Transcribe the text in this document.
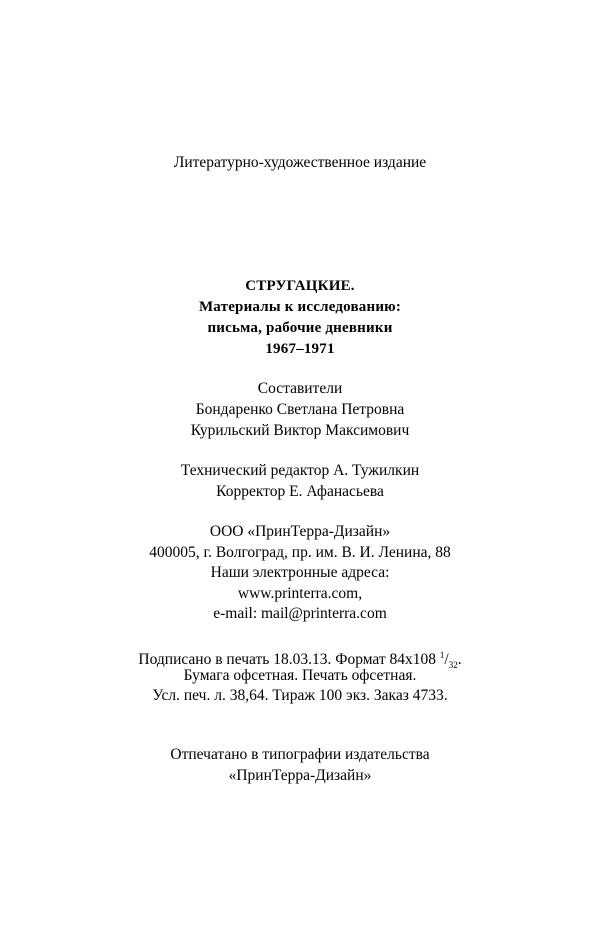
Литературно-художественное издание
СТРУГАЦКИЕ.
Материалы к исследованию:
письма, рабочие дневники
1967–1971
Составители
Бондаренко Светлана Петровна
Курильский Виктор Максимович
Технический редактор А. Тужилкин
Корректор Е. Афанасьева
ООО «ПринТерра-Дизайн»
400005, г. Волгоград, пр. им. В. И. Ленина, 88
Наши электронные адреса:
www.printerra.com,
e-mail: mail@printerra.com
Подписано в печать 18.03.13. Формат 84x108 $^1/_{32}$.
Бумага офсетная. Печать офсетная.
Усл. печ. л. 38,64. Тираж 100 экз. Заказ 4733.
Отпечатано в типографии издательства
«ПринТерра-Дизайн»
